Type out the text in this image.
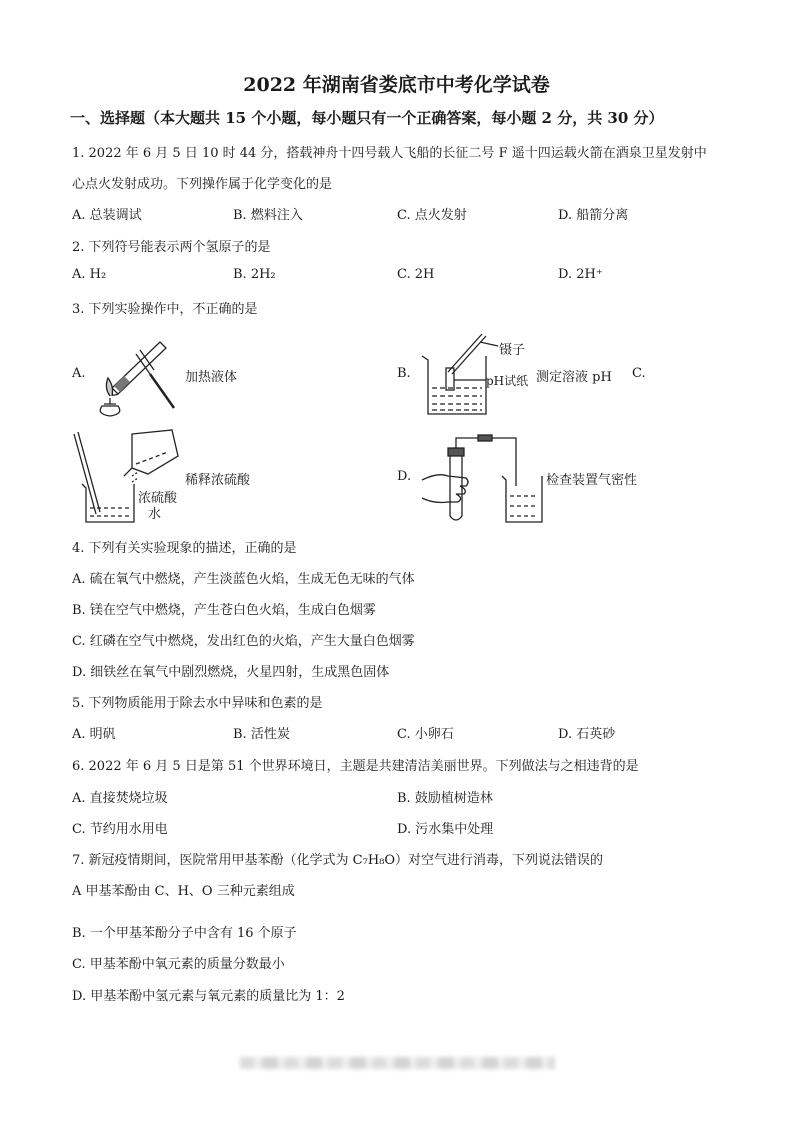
2022 年湖南省娄底市中考化学试卷
一、选择题（本大题共 15 个小题，每小题只有一个正确答案，每小题 2 分，共 30 分）
1. 2022 年 6 月 5 日 10 时 44 分，搭载神舟十四号载人飞船的长征二号 F 遥十四运载火箭在酒泉卫星发射中
心点火发射成功。下列操作属于化学变化的是
A. 总装调试	B. 燃料注入	C. 点火发射	D. 船箭分离
2. 下列符号能表示两个氢原子的是
A. H₂	B. 2H₂	C. 2H	D. 2H⁺
3. 下列实验操作中，不正确的是
A.	加热液体	B.
镊子
pH试纸 测定溶液 pH C.
稀释浓硫酸
浓硫酸
水
D.	检查装置气密性
4. 下列有关实验现象的描述，正确的是
A. 硫在氧气中燃烧，产生淡蓝色火焰，生成无色无味的气体
B. 镁在空气中燃烧，产生苍白色火焰，生成白色烟雾
C. 红磷在空气中燃烧，发出红色的火焰，产生大量白色烟雾
D. 细铁丝在氧气中剧烈燃烧，火星四射，生成黑色固体
5. 下列物质能用于除去水中异味和色素的是
A. 明矾	B. 活性炭	C. 小卵石	D. 石英砂
6. 2022 年 6 月 5 日是第 51 个世界环境日，主题是共建清洁美丽世界。下列做法与之相违背的是
A. 直接焚烧垃圾	B. 鼓励植树造林
C. 节约用水用电	D. 污水集中处理
7. 新冠疫情期间，医院常用甲基苯酚（化学式为 C₇H₈O）对空气进行消毒，下列说法错误的
A 甲基苯酚由 C、H、O 三种元素组成
B. 一个甲基苯酚分子中含有 16 个原子
C. 甲基苯酚中氧元素的质量分数最小
D. 甲基苯酚中氢元素与氧元素的质量比为 1：2
